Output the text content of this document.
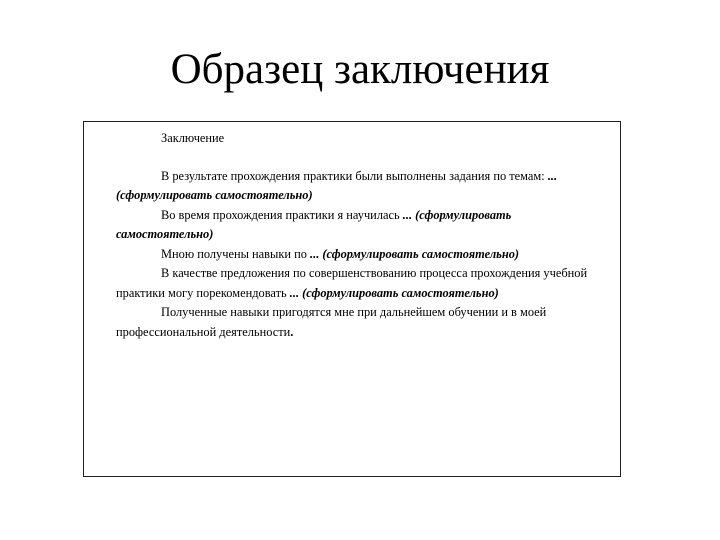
Образец заключения

Заключение

В результате прохождения практики были выполнены задания по темам: ... (сформулировать самостоятельно)

Во время прохождения практики я научилась ... (сформулировать самостоятельно)

Мною получены навыки по ... (сформулировать самостоятельно)

В качестве предложения по совершенствованию процесса прохождения учебной практики могу порекомендовать ... (сформулировать самостоятельно)

Полученные навыки пригодятся мне при дальнейшем обучении и в моей профессиональной деятельности.
